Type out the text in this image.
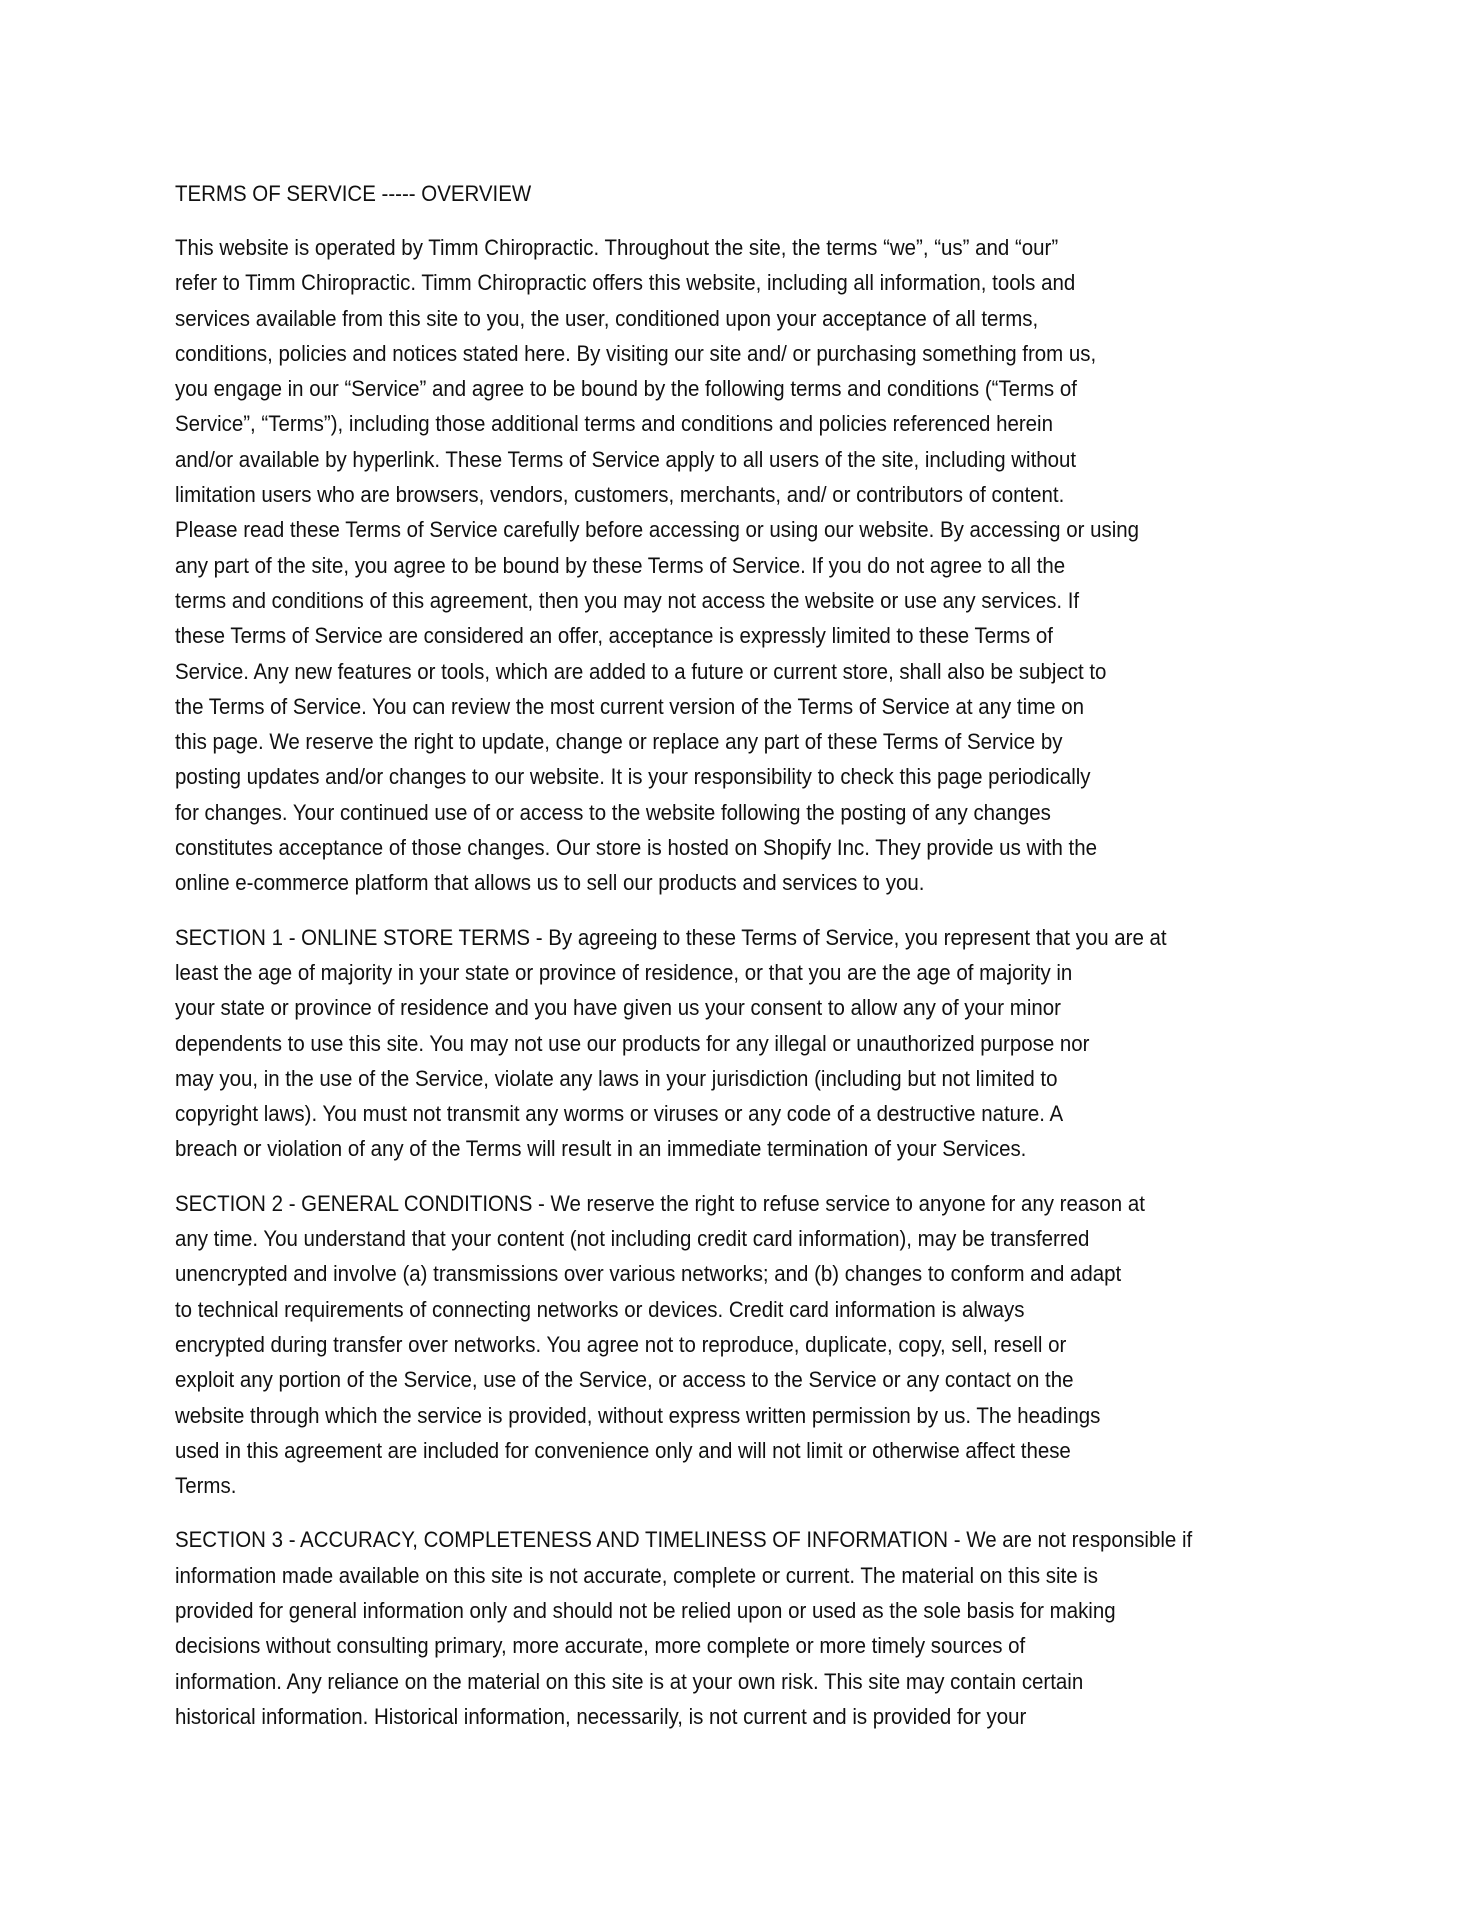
TERMS OF SERVICE ----- OVERVIEW
This website is operated by Timm Chiropractic. Throughout the site, the terms “we”, “us” and “our”
refer to Timm Chiropractic. Timm Chiropractic offers this website, including all information, tools and
services available from this site to you, the user, conditioned upon your acceptance of all terms,
conditions, policies and notices stated here. By visiting our site and/ or purchasing something from us,
you engage in our “Service” and agree to be bound by the following terms and conditions (“Terms of
Service”, “Terms”), including those additional terms and conditions and policies referenced herein
and/or available by hyperlink. These Terms of Service apply to all users of the site, including without
limitation users who are browsers, vendors, customers, merchants, and/ or contributors of content.
Please read these Terms of Service carefully before accessing or using our website. By accessing or using
any part of the site, you agree to be bound by these Terms of Service. If you do not agree to all the
terms and conditions of this agreement, then you may not access the website or use any services. If
these Terms of Service are considered an offer, acceptance is expressly limited to these Terms of
Service. Any new features or tools, which are added to a future or current store, shall also be subject to
the Terms of Service. You can review the most current version of the Terms of Service at any time on
this page. We reserve the right to update, change or replace any part of these Terms of Service by
posting updates and/or changes to our website. It is your responsibility to check this page periodically
for changes. Your continued use of or access to the website following the posting of any changes
constitutes acceptance of those changes. Our store is hosted on Shopify Inc. They provide us with the
online e-commerce platform that allows us to sell our products and services to you.
SECTION 1 - ONLINE STORE TERMS - By agreeing to these Terms of Service, you represent that you are at
least the age of majority in your state or province of residence, or that you are the age of majority in
your state or province of residence and you have given us your consent to allow any of your minor
dependents to use this site. You may not use our products for any illegal or unauthorized purpose nor
may you, in the use of the Service, violate any laws in your jurisdiction (including but not limited to
copyright laws). You must not transmit any worms or viruses or any code of a destructive nature. A
breach or violation of any of the Terms will result in an immediate termination of your Services.
SECTION 2 - GENERAL CONDITIONS - We reserve the right to refuse service to anyone for any reason at
any time. You understand that your content (not including credit card information), may be transferred
unencrypted and involve (a) transmissions over various networks; and (b) changes to conform and adapt
to technical requirements of connecting networks or devices. Credit card information is always
encrypted during transfer over networks. You agree not to reproduce, duplicate, copy, sell, resell or
exploit any portion of the Service, use of the Service, or access to the Service or any contact on the
website through which the service is provided, without express written permission by us. The headings
used in this agreement are included for convenience only and will not limit or otherwise affect these
Terms.
SECTION 3 - ACCURACY, COMPLETENESS AND TIMELINESS OF INFORMATION - We are not responsible if
information made available on this site is not accurate, complete or current. The material on this site is
provided for general information only and should not be relied upon or used as the sole basis for making
decisions without consulting primary, more accurate, more complete or more timely sources of
information. Any reliance on the material on this site is at your own risk. This site may contain certain
historical information. Historical information, necessarily, is not current and is provided for your
